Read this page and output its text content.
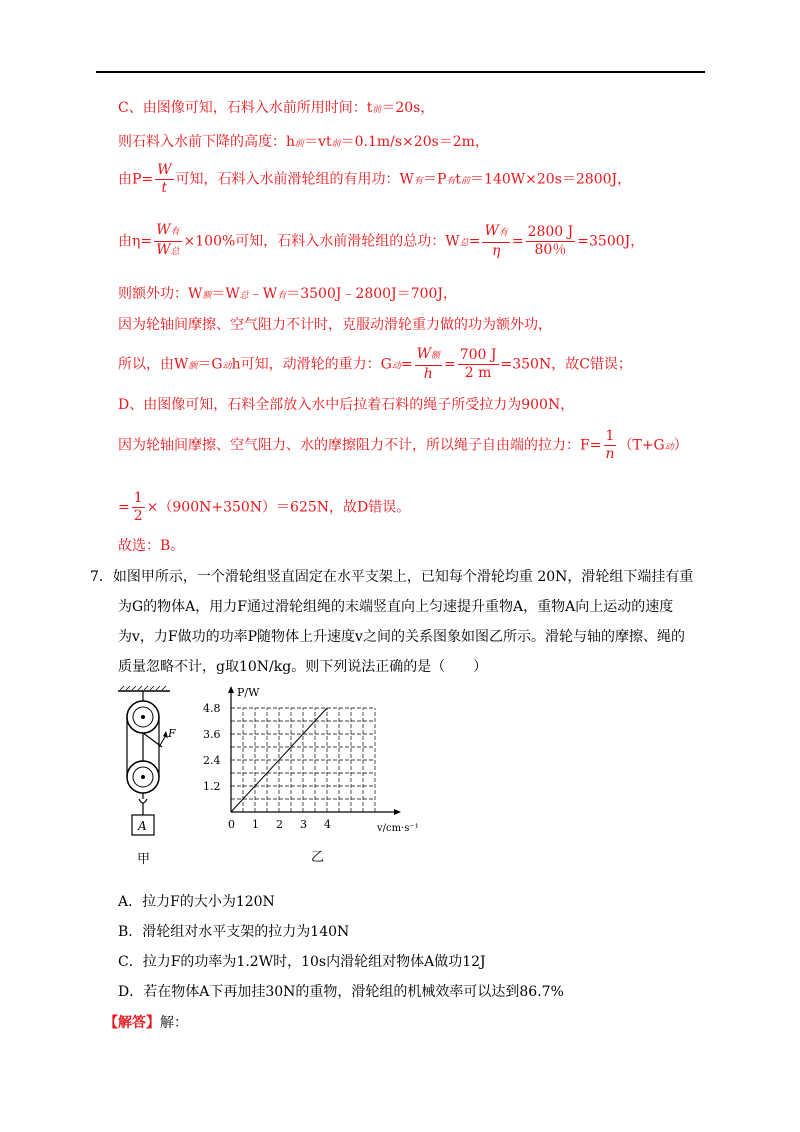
C、由图像可知，石料入水前所用时间：t前＝20s，
则石料入水前下降的高度：h前＝vt前＝0.1m/s×20s＝2m，
由$P= \frac{W}{t}$ 可知，石料入水前滑轮组的有用功：W有＝P有t前＝140W×20s＝2800J，
由$\eta= \frac{\text{W有}}{\text{W总}} \times 100\%$可知，石料入水前滑轮组的总功：W总= $\frac{\text{W有}}{\eta} = \frac{2800 J}{80\%} =3500J$，
则额外功：W额＝W总﹣W有＝3500J﹣2800J＝700J，
因为轮轴间摩擦、空气阻力不计时，克服动滑轮重力做的功为额外功，
所以，由W额＝G动h可知，动滑轮的重力：G动= $\frac{\text{W额}}{h} = \frac{700 J}{2 m} =350N$，故C错误；
D、由图像可知，石料全部放入水中后拉着石料的绳子所受拉力为900N，
因为轮轴间摩擦、空气阻力、水的摩擦阻力不计，所以绳子自由端的拉力：$F= \frac{1}{n} (T+G$动）
= $\frac{1}{2} \times(900N+350N)=625N$，故D错误。
故选：B。
7．如图甲所示，一个滑轮组竖直固定在水平支架上，已知每个滑轮均重 20N，滑轮组下端挂有重
为G的物体A，用力F通过滑轮组绳的末端竖直向上匀速提升重物A，重物A向上运动的速度
为v，力F做功的功率P随物体上升速度v之间的关系图象如图乙所示。滑轮与轴的摩擦、绳的
质量忽略不计，g取10N/kg。则下列说法正确的是（　　）
F
A
甲
P/W
v/cm·s⁻¹
0 1 2 3 4
1.2
2.4
3.6
4.8
乙
A．拉力F的大小为120N
B．滑轮组对水平支架的拉力为140N
C．拉力F的功率为1.2W时，10s内滑轮组对物体A做功12J
D．若在物体A下再加挂30N的重物，滑轮组的机械效率可以达到86.7%
【解答】解：
